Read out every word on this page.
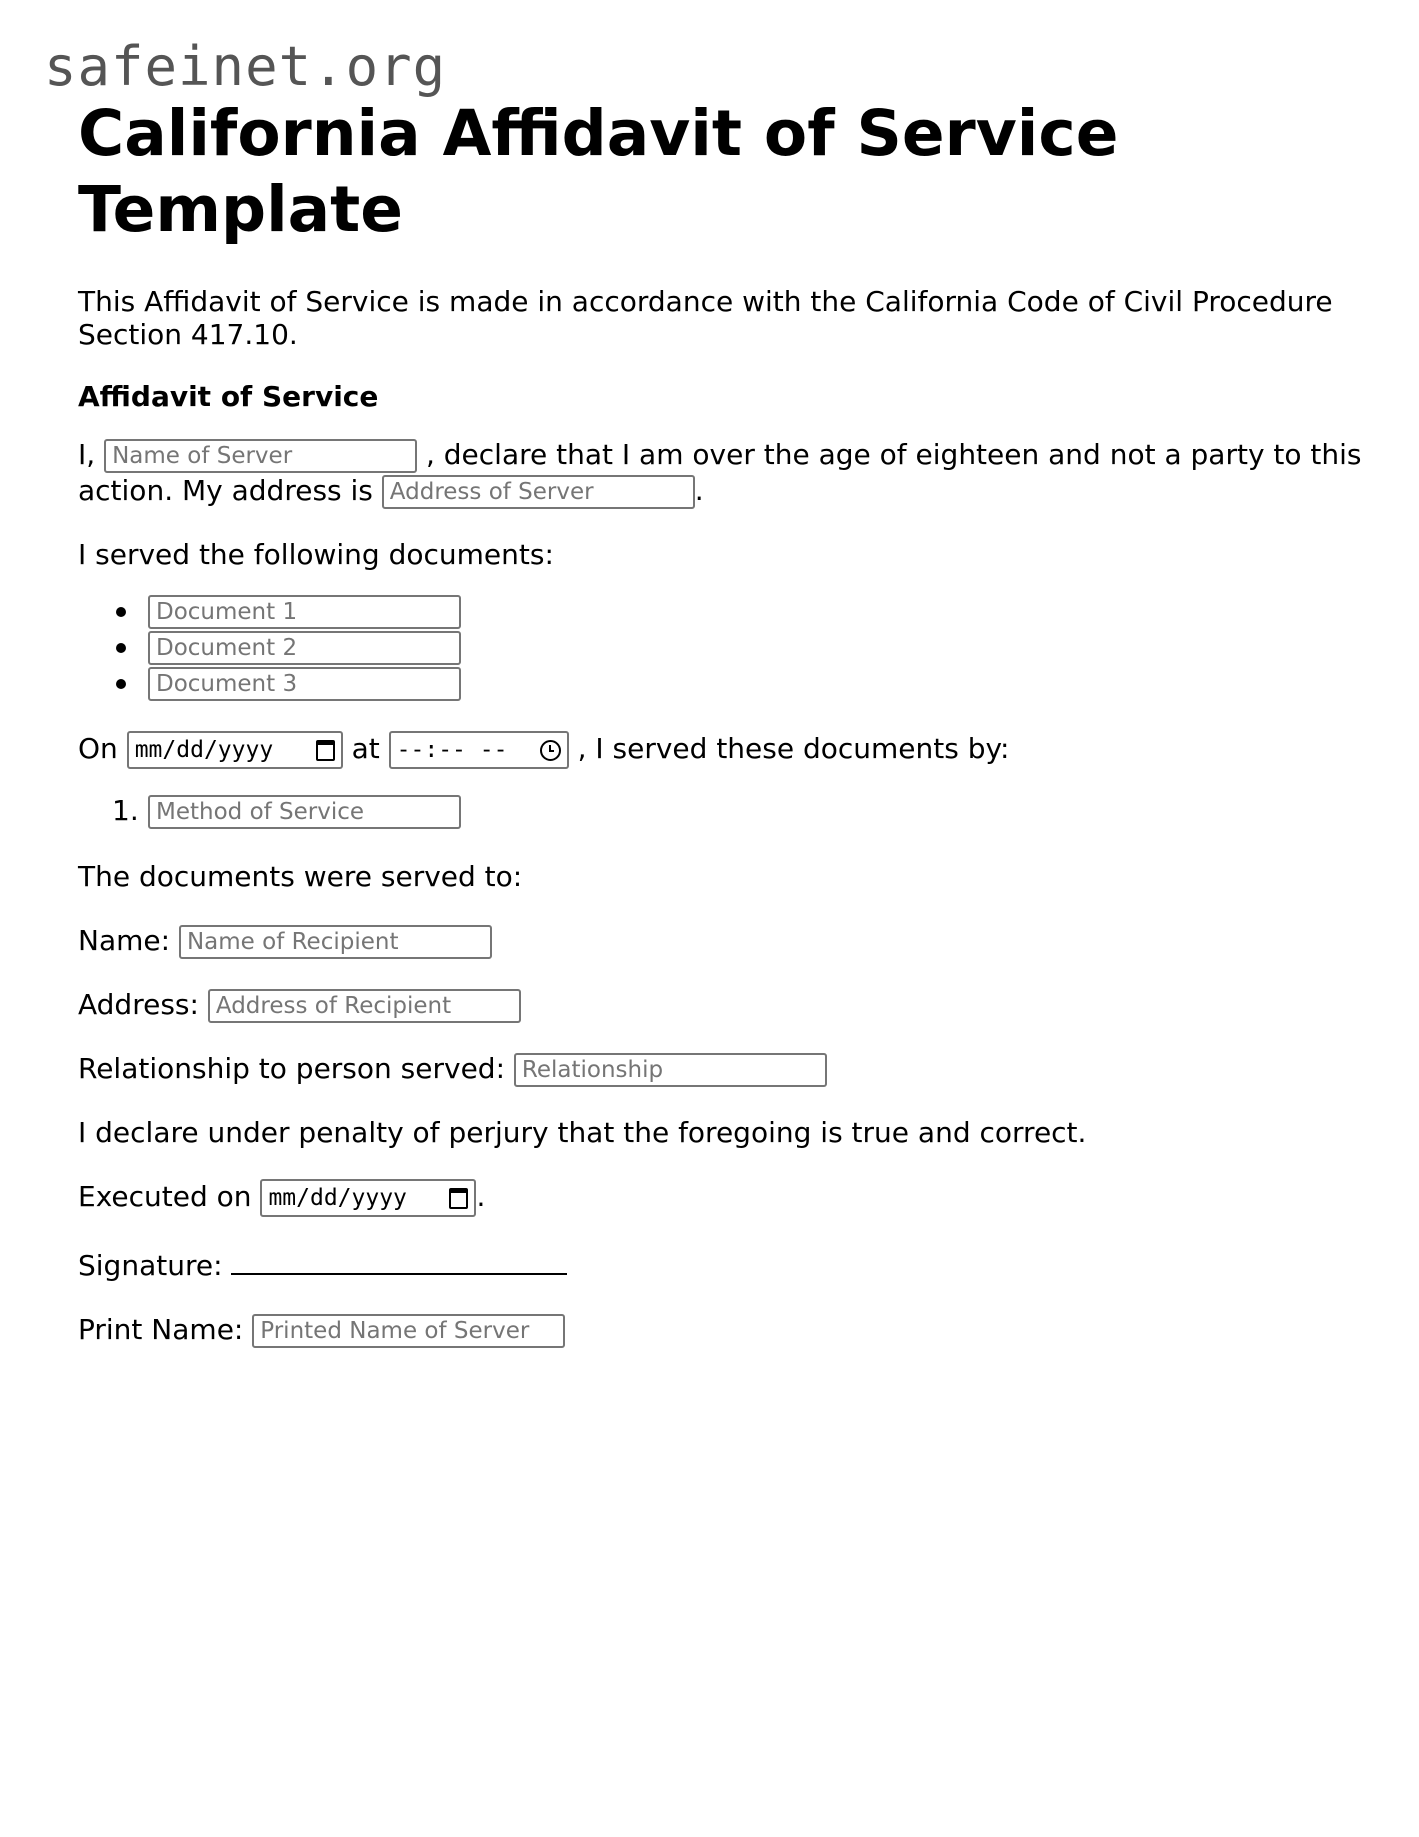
safeinet.org
California Affidavit of Service Template

This Affidavit of Service is made in accordance with the California Code of Civil Procedure Section 417.10.

Affidavit of Service

I, Name of Server	, declare that I am over the age of eighteen and not a party to this action. My address is Address of Server	.

I served the following documents:

Document 1
Document 2
Document 3

On mm/dd/yyyy	at --:-- --	, I served these documents by:

1.Method of Service

The documents were served to:

Name: Name of Recipient

Address: Address of Recipient

Relationship to person served: Relationship

I declare under penalty of perjury that the foregoing is true and correct.

Executed on mm/dd/yyyy .

Signature:

Print Name: Printed Name of Server
